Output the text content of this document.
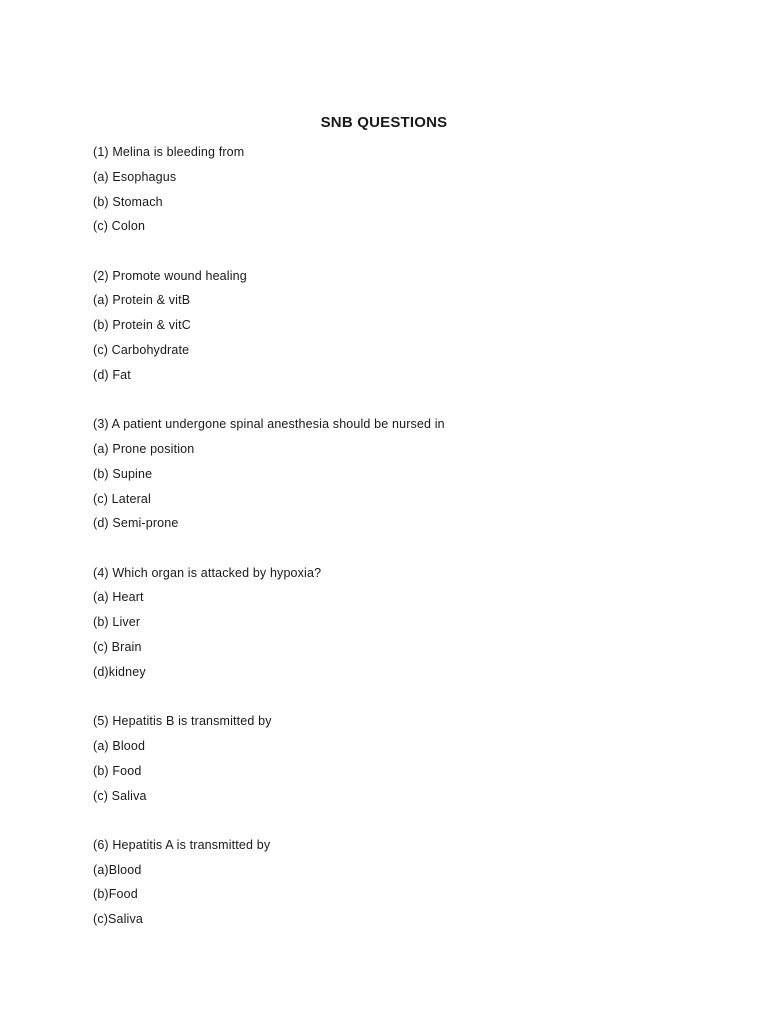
SNB QUESTIONS
(1) Melina is bleeding from
(a) Esophagus
(b) Stomach
(c) Colon
(2) Promote wound healing
(a) Protein & vitB
(b) Protein & vitC
(c) Carbohydrate
(d) Fat
(3) A patient undergone spinal anesthesia should be nursed in
(a) Prone position
(b) Supine
(c) Lateral
(d) Semi-prone
(4) Which organ is attacked by hypoxia?
(a) Heart
(b) Liver
(c) Brain
(d)kidney
(5) Hepatitis B is transmitted by
(a) Blood
(b) Food
(c) Saliva
(6) Hepatitis A is transmitted by
(a)Blood
(b)Food
(c)Saliva
